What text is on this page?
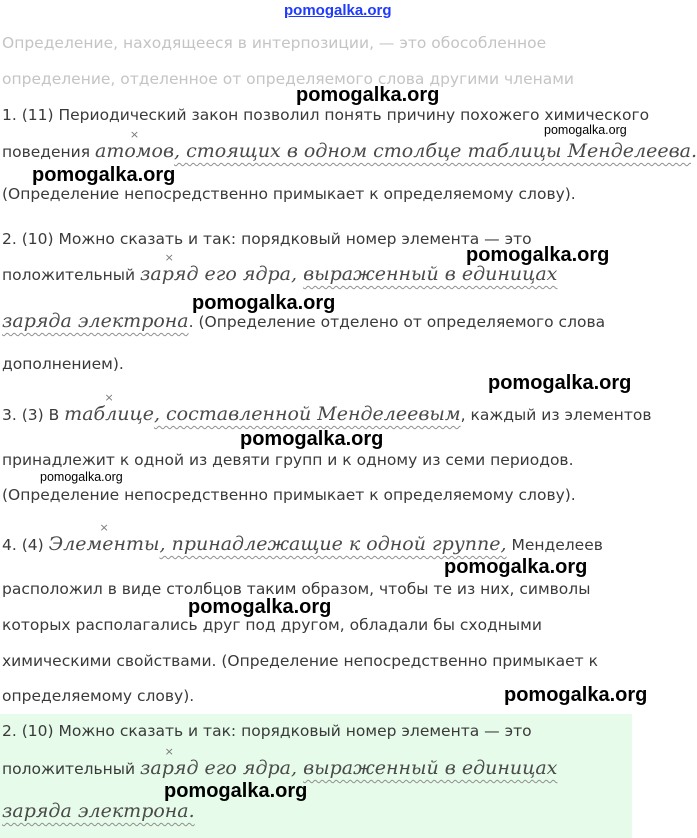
pomogalka.org
Определение, находящееся в интерпозиции, — это обособленное
определение, отделенное от определяемого слова другими членами
1. (11) Периодический закон позволил понять причину похожего химического
поведения × атомов, стоящих в одном столбце таблицы Менделеева.
(Определение непосредственно примыкает к определяемому слову).
2. (10) Можно сказать и так: порядковый номер элемента — это
положительный × заряд его ядра, выраженный в единицах
заряда электрона. (Определение отделено от определяемого слова
дополнением).
3. (3) В × таблице, составленной Менделеевым, каждый из элементов
принадлежит к одной из девяти групп и к одному из семи периодов.
(Определение непосредственно примыкает к определяемому слову).
4. (4) × Элементы, принадлежащие к одной группе, Менделеев
расположил в виде столбцов таким образом, чтобы те из них, символы
которых располагались друг под другом, обладали бы сходными
химическими свойствами. (Определение непосредственно примыкает к
определяемому слову).
2. (10) Можно сказать и так: порядковый номер элемента — это
положительный × заряд его ядра, выраженный в единицах
заряда электрона.
pomogalka.org
pomogalka.org
pomogalka.org
pomogalka.org
pomogalka.org
pomogalka.org
pomogalka.org
pomogalka.org
pomogalka.org
pomogalka.org
pomogalka.org
pomogalka.org
